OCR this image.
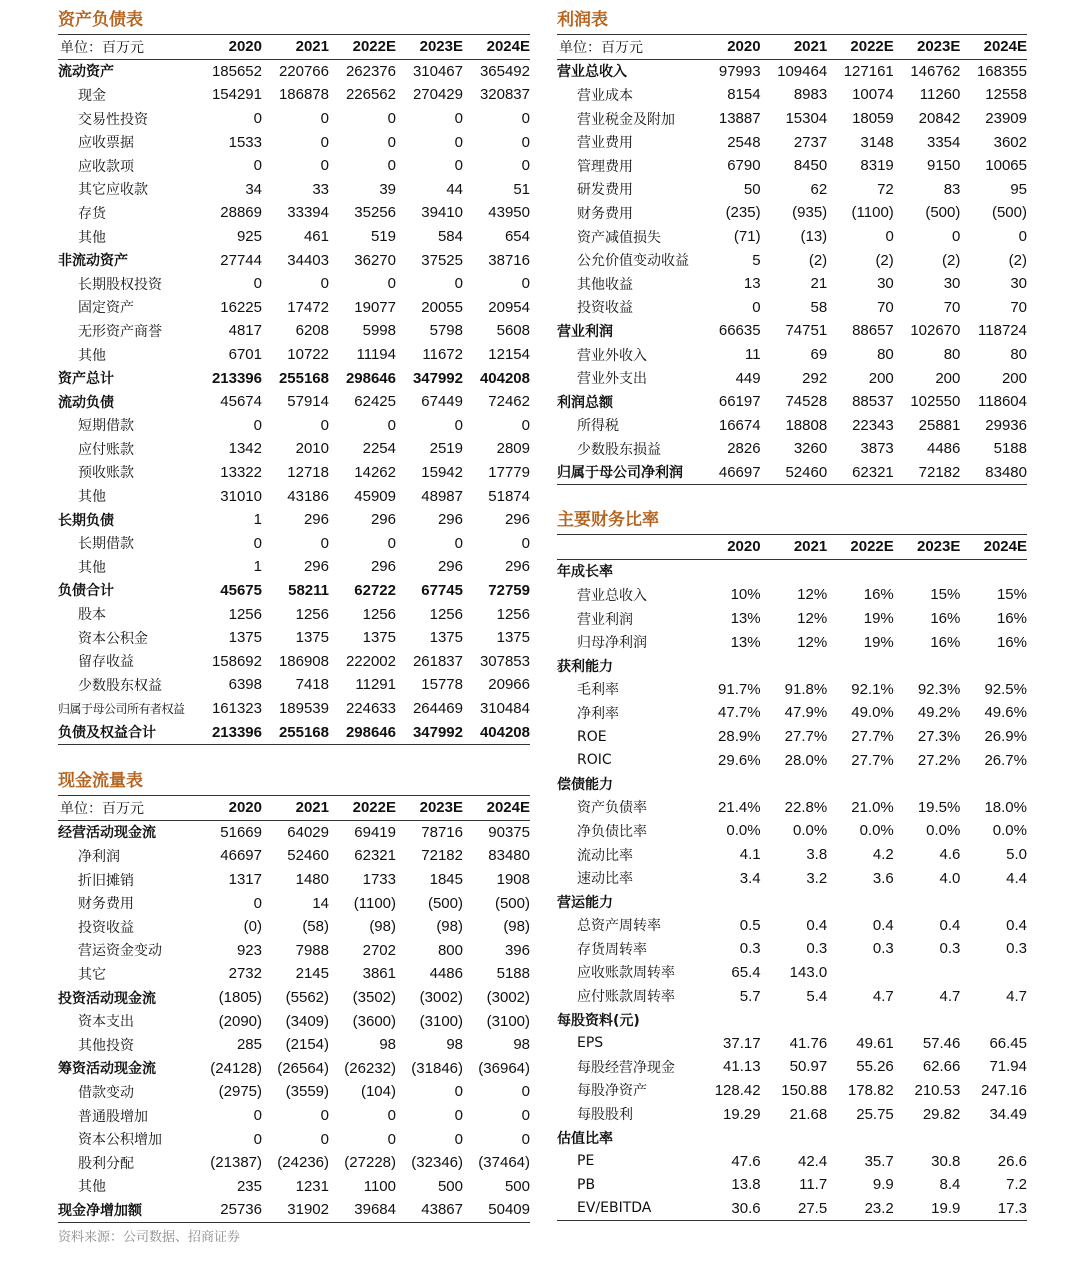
资产负债表
单位：百万元	2020	2021	2022E	2023E	2024E
流动资产	185652	220766	262376	310467	365492
现金	154291	186878	226562	270429	320837
交易性投资	0	0	0	0	0
应收票据	1533	0	0	0	0
应收款项	0	0	0	0	0
其它应收款	34	33	39	44	51
存货	28869	33394	35256	39410	43950
其他	925	461	519	584	654
非流动资产	27744	34403	36270	37525	38716
长期股权投资	0	0	0	0	0
固定资产	16225	17472	19077	20055	20954
无形资产商誉	4817	6208	5998	5798	5608
其他	6701	10722	11194	11672	12154
资产总计	213396	255168	298646	347992	404208
流动负债	45674	57914	62425	67449	72462
短期借款	0	0	0	0	0
应付账款	1342	2010	2254	2519	2809
预收账款	13322	12718	14262	15942	17779
其他	31010	43186	45909	48987	51874
长期负债	1	296	296	296	296
长期借款	0	0	0	0	0
其他	1	296	296	296	296
负债合计	45675	58211	62722	67745	72759
股本	1256	1256	1256	1256	1256
资本公积金	1375	1375	1375	1375	1375
留存收益	158692	186908	222002	261837	307853
少数股东权益	6398	7418	11291	15778	20966
归属于母公司所有者权益	161323	189539	224633	264469	310484
负债及权益合计	213396	255168	298646	347992	404208
现金流量表
单位：百万元	2020	2021	2022E	2023E	2024E
经营活动现金流	51669	64029	69419	78716	90375
净利润	46697	52460	62321	72182	83480
折旧摊销	1317	1480	1733	1845	1908
财务费用	0	14	(1100)	(500)	(500)
投资收益	(0)	(58)	(98)	(98)	(98)
营运资金变动	923	7988	2702	800	396
其它	2732	2145	3861	4486	5188
投资活动现金流	(1805)	(5562)	(3502)	(3002)	(3002)
资本支出	(2090)	(3409)	(3600)	(3100)	(3100)
其他投资	285	(2154)	98	98	98
筹资活动现金流	(24128)	(26564)	(26232)	(31846)	(36964)
借款变动	(2975)	(3559)	(104)	0	0
普通股增加	0	0	0	0	0
资本公积增加	0	0	0	0	0
股利分配	(21387)	(24236)	(27228)	(32346)	(37464)
其他	235	1231	1100	500	500
现金净增加额	25736	31902	39684	43867	50409
利润表
单位：百万元	2020	2021	2022E	2023E	2024E
营业总收入	97993	109464	127161	146762	168355
营业成本	8154	8983	10074	11260	12558
营业税金及附加	13887	15304	18059	20842	23909
营业费用	2548	2737	3148	3354	3602
管理费用	6790	8450	8319	9150	10065
研发费用	50	62	72	83	95
财务费用	(235)	(935)	(1100)	(500)	(500)
资产减值损失	(71)	(13)	0	0	0
公允价值变动收益	5	(2)	(2)	(2)	(2)
其他收益	13	21	30	30	30
投资收益	0	58	70	70	70
营业利润	66635	74751	88657	102670	118724
营业外收入	11	69	80	80	80
营业外支出	449	292	200	200	200
利润总额	66197	74528	88537	102550	118604
所得税	16674	18808	22343	25881	29936
少数股东损益	2826	3260	3873	4486	5188
归属于母公司净利润	46697	52460	62321	72182	83480
主要财务比率
	2020	2021	2022E	2023E	2024E
年成长率					
营业总收入	10%	12%	16%	15%	15%
营业利润	13%	12%	19%	16%	16%
归母净利润	13%	12%	19%	16%	16%
获利能力					
毛利率	91.7%	91.8%	92.1%	92.3%	92.5%
净利率	47.7%	47.9%	49.0%	49.2%	49.6%
ROE	28.9%	27.7%	27.7%	27.3%	26.9%
ROIC	29.6%	28.0%	27.7%	27.2%	26.7%
偿债能力					
资产负债率	21.4%	22.8%	21.0%	19.5%	18.0%
净负债比率	0.0%	0.0%	0.0%	0.0%	0.0%
流动比率	4.1	3.8	4.2	4.6	5.0
速动比率	3.4	3.2	3.6	4.0	4.4
营运能力					
总资产周转率	0.5	0.4	0.4	0.4	0.4
存货周转率	0.3	0.3	0.3	0.3	0.3
应收账款周转率	65.4	143.0			
应付账款周转率	5.7	5.4	4.7	4.7	4.7
每股资料(元)					
EPS	37.17	41.76	49.61	57.46	66.45
每股经营净现金	41.13	50.97	55.26	62.66	71.94
每股净资产	128.42	150.88	178.82	210.53	247.16
每股股利	19.29	21.68	25.75	29.82	34.49
估值比率					
PE	47.6	42.4	35.7	30.8	26.6
PB	13.8	11.7	9.9	8.4	7.2
EV/EBITDA	30.6	27.5	23.2	19.9	17.3
资料来源：公司数据、招商证券
